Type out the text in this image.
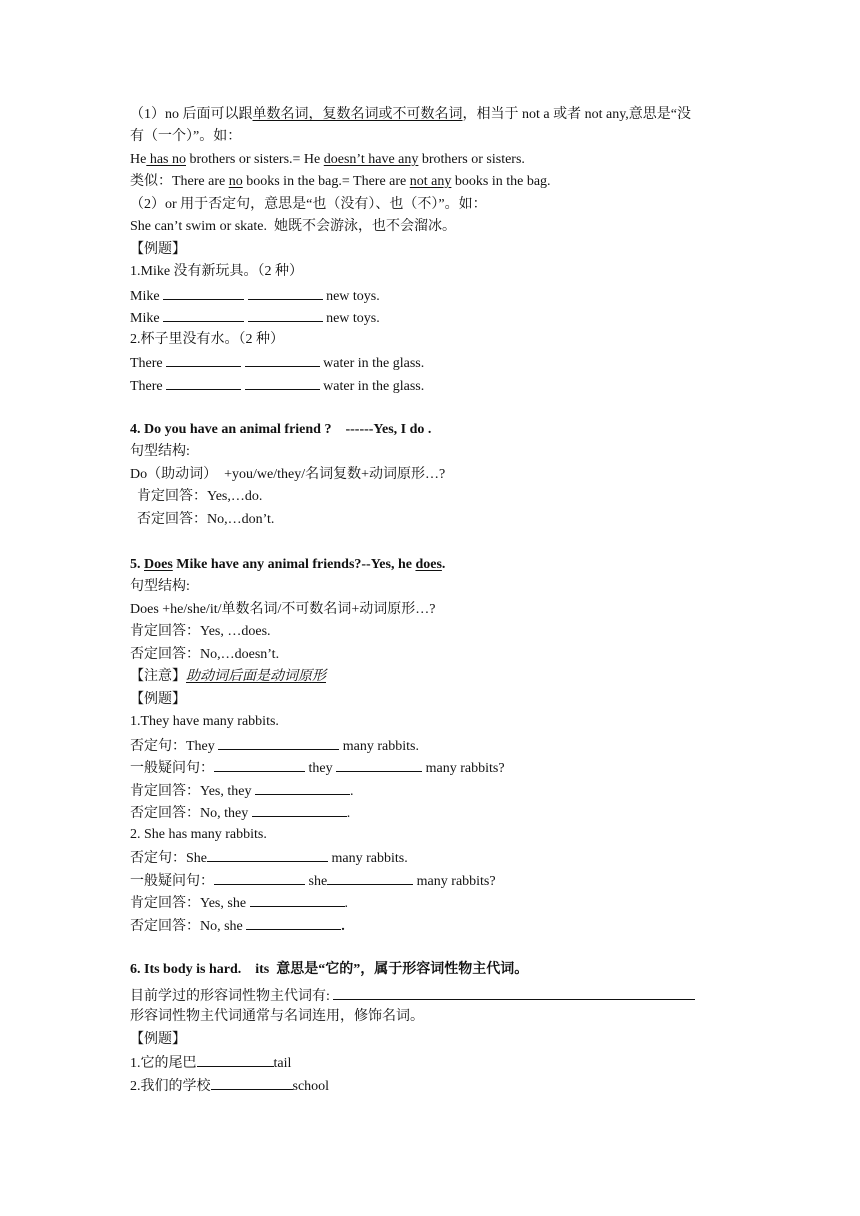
（1）no 后面可以跟单数名词，复数名词或不可数名词，相当于 not a 或者 not any,意思是“没
有（一个）”。如：
He has no brothers or sisters.= He doesn’t have any brothers or sisters.
类似：There are no books in the bag.= There are not any books in the bag.
（2）or 用于否定句，意思是“也（没有）、也（不）”。如：
She can’t swim or skate.  她既不会游泳，也不会溜冰。
【例题】
1.Mike 没有新玩具。（2 种）
Mike	new toys.
Mike	new toys.
2.杯子里没有水。（2 种）
There	water in the glass.
There	water in the glass.
4. Do you have an animal friend ?    ------Yes, I do .
句型结构:
Do（助动词）  +you/we/they/名词复数+动词原形…?
肯定回答：Yes,…do.
否定回答：No,…don’t.
5. Does Mike have any animal friends?--Yes, he does.
句型结构:
Does +he/she/it/单数名词/不可数名词+动词原形…?
肯定回答：Yes, …does.
否定回答：No,…doesn’t.
【注意】助动词后面是动词原形
【例题】
1.They have many rabbits.
否定句：They	many rabbits.
一般疑问句：	they	many rabbits?
肯定回答：Yes, they	.
否定回答：No, they	.
2. She has many rabbits.
否定句：She	many rabbits.
一般疑问句：	she	many rabbits?
肯定回答：Yes, she	.
否定回答：No, she	.
6. Its body is hard.    its  意思是“它的”，属于形容词性物主代词。
目前学过的形容词性物主代词有:
形容词性物主代词通常与名词连用，修饰名词。
【例题】
1.它的尾巴	tail
2.我们的学校	school
